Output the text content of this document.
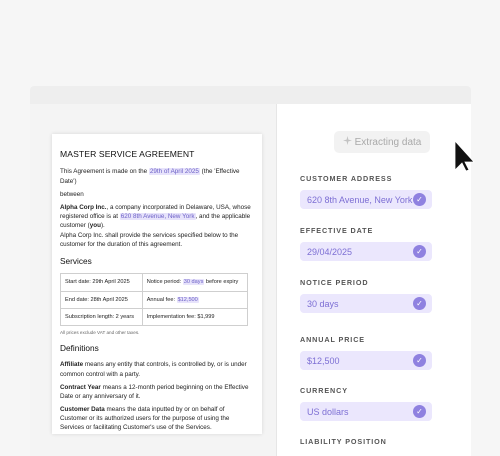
MASTER SERVICE AGREEMENT

This Agreement is made on the 29th of April 2025 (the 'Effective Date')

between

Alpha Corp Inc., a company incorporated in Delaware, USA, whose registered office is at 620 8th Avenue, New York, and the applicable customer (you).

Alpha Corp Inc. shall provide the services specified below to the customer for the duration of this agreement.

Services
Start date: 29th April 2025	Notice period: 30 days before expiry
End date: 28th April 2025	Annual fee: $12,500
Subscription length: 2 years	Implementation fee: $1,999
All prices exclude VAT and other taxes.
Definitions

Affiliate means any entity that controls, is controlled by, or is under common control with a party.

Contract Year means a 12-month period beginning on the Effective Date or any anniversary of it.

Customer Data means the data inputted by or on behalf of Customer or its authorized users for the purpose of using the Services or facilitating Customer's use of the Services.

Extracting data
CUSTOMER ADDRESS
620 8th Avenue, New York ✓
EFFECTIVE DATE
29/04/2025	✓
NOTICE PERIOD
30 days	✓
ANNUAL PRICE
$12,500	✓
CURRENCY
US dollars	✓
LIABILITY POSITION
